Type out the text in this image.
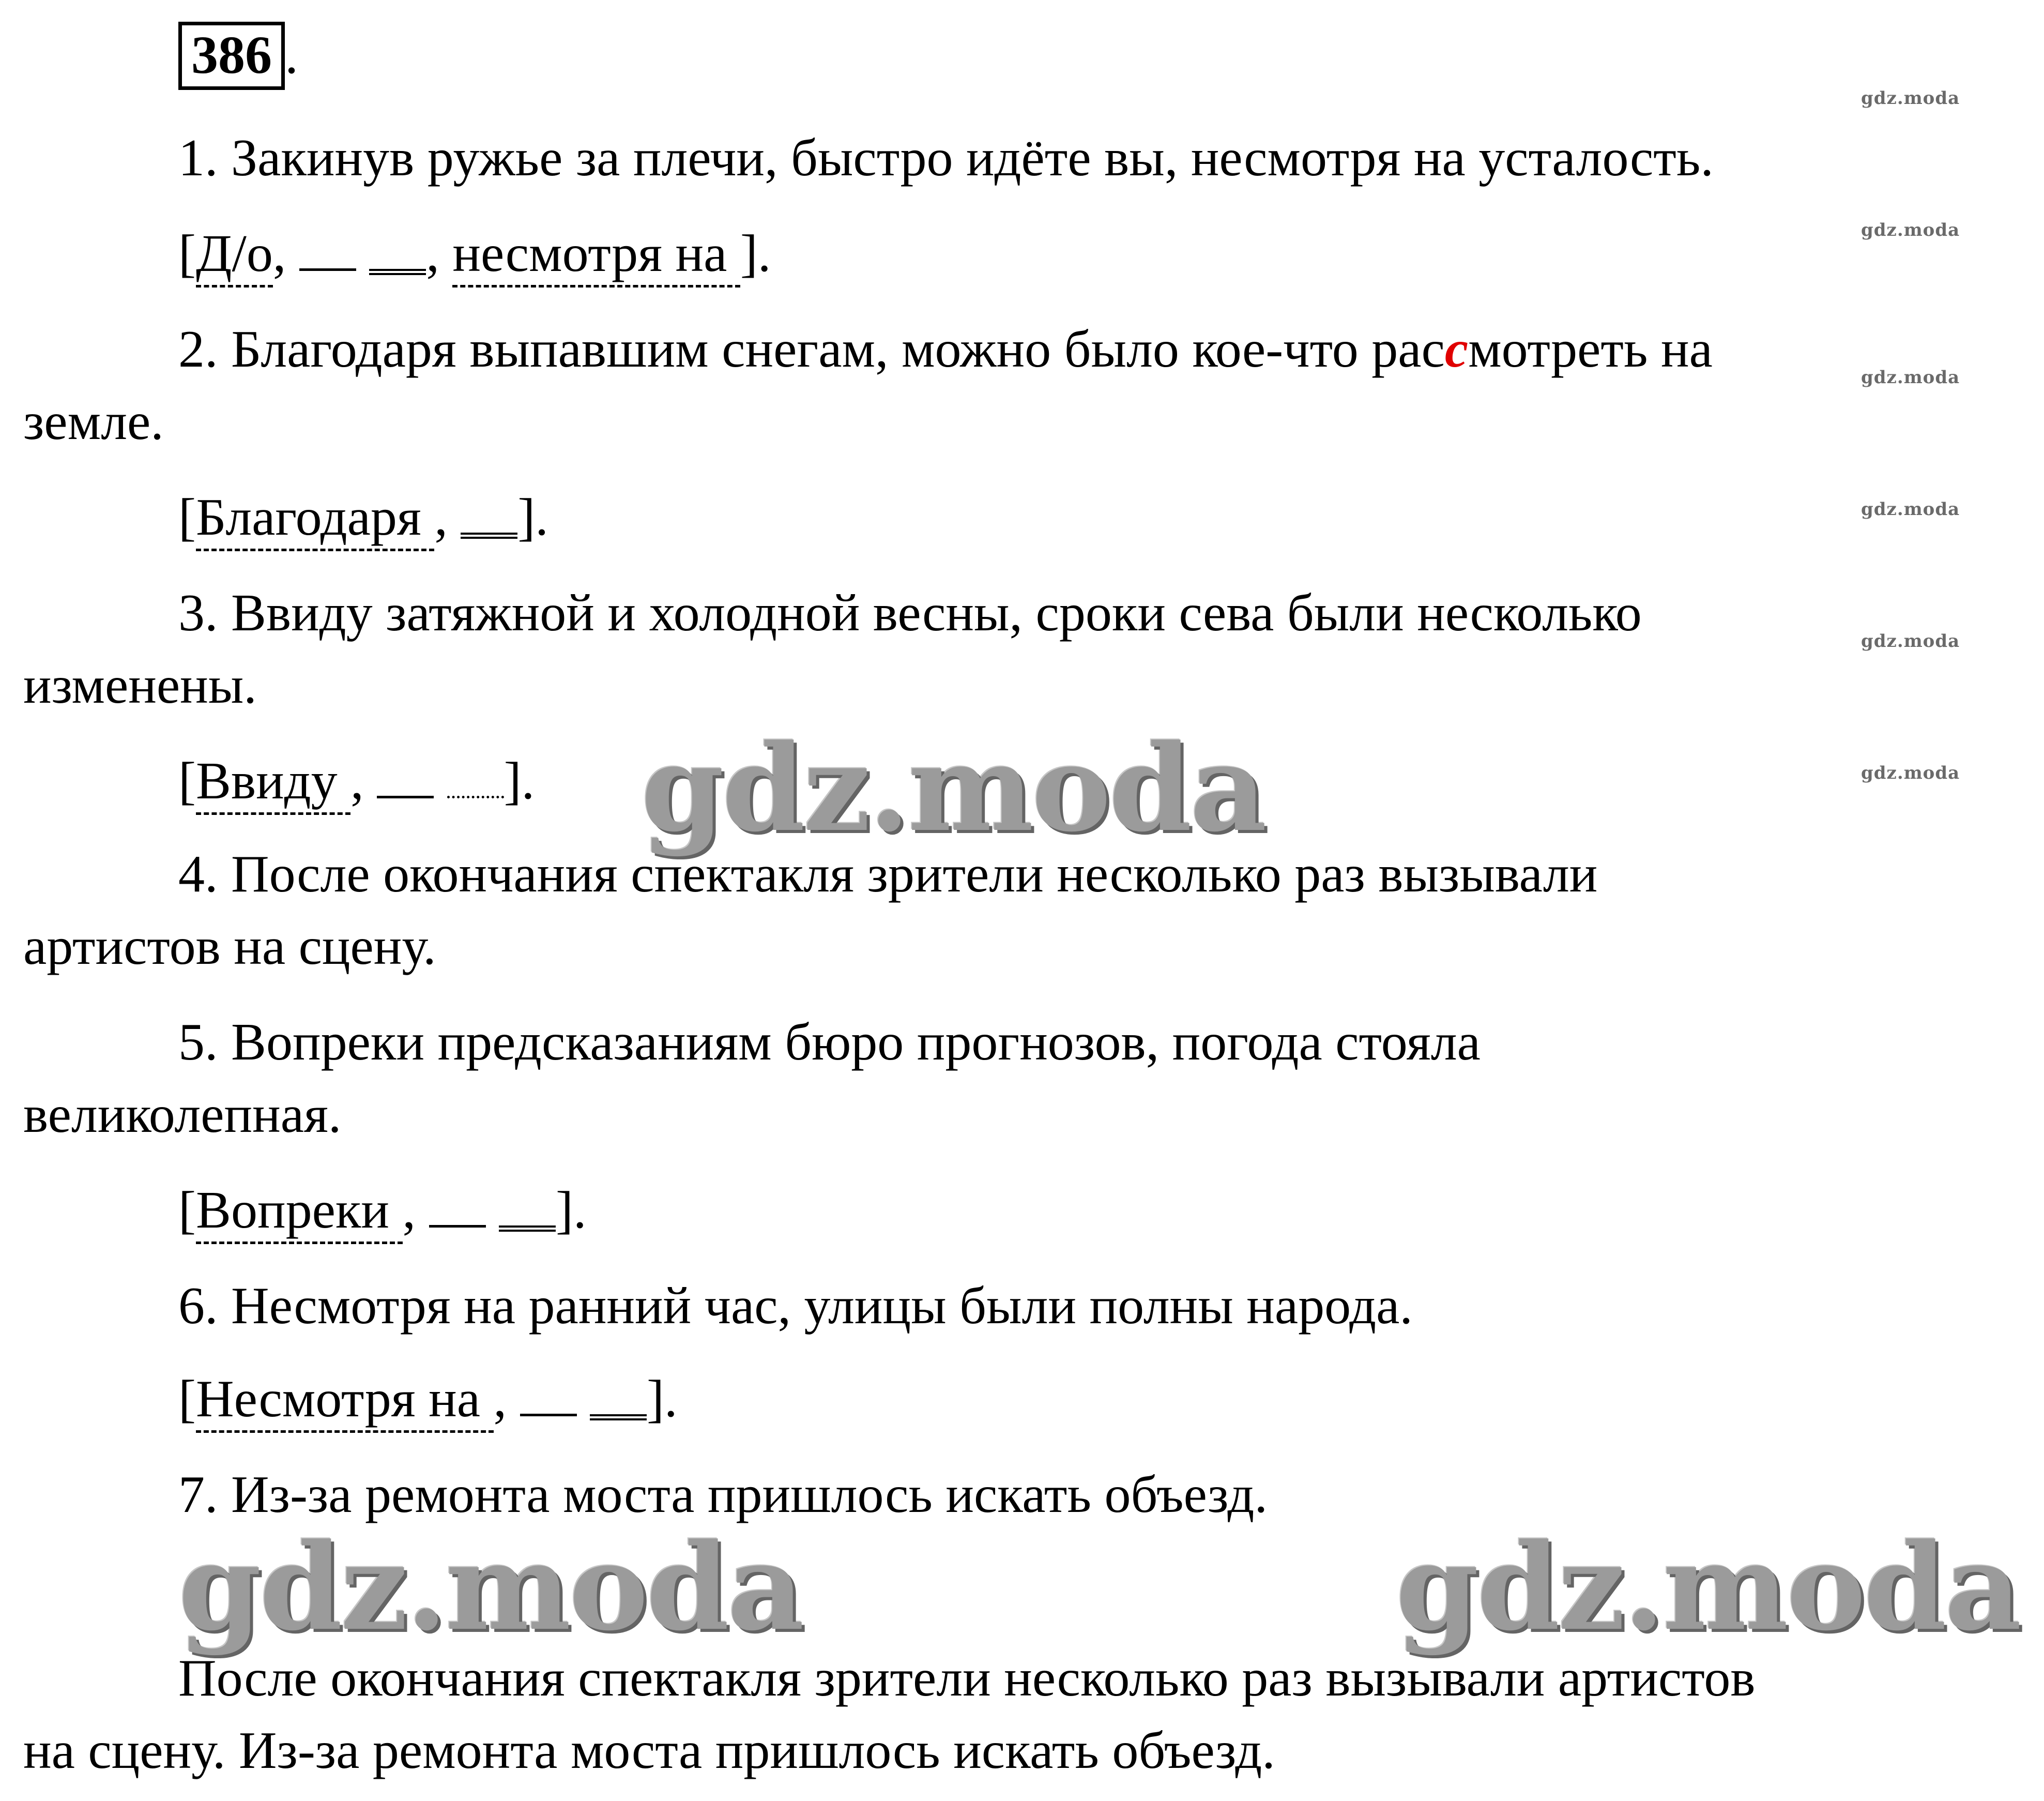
386 .
1. Закинув ружье за плечи, быстро идёте вы, несмотря на усталость.
[Д/о,  , несмотря на ].
2. Благодаря выпавшим снегам, можно было кое-что рассмотреть на
земле.
[Благодаря , ].
3. Ввиду затяжной и холодной весны, сроки сева были несколько
изменены.
[Ввиду ,  ].
4. После окончания спектакля зрители несколько раз вызывали
артистов на сцену.
5. Вопреки предсказаниям бюро прогнозов, погода стояла
великолепная.
[Вопреки ,  ].
6. Несмотря на ранний час, улицы были полны народа.
[Несмотря на ,  ].
7. Из-за ремонта моста пришлось искать объезд.
После окончания спектакля зрители несколько раз вызывали артистов
на сцену. Из-за ремонта моста пришлось искать объезд.
gdz.moda
gdz.moda
gdz.moda
gdz.moda
gdz.moda
gdz.moda
gdz.moda
gdz.moda	gdz.moda
